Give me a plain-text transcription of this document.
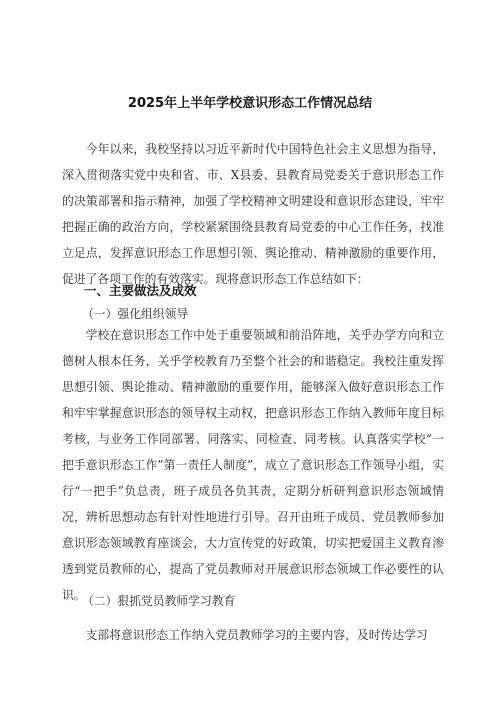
2025年上半年学校意识形态工作情况总结
今年以来，我校坚持以习近平新时代中国特色社会主义思想为指导，深入贯彻落实党中央和省、市、X县委、县教育局党委关于意识形态工作的决策部署和指示精神，加强了学校精神文明建设和意识形态建设，牢牢把握正确的政治方向，学校紧紧围绕县教育局党委的中心工作任务，找准立足点，发挥意识形态工作思想引领、舆论推动、精神激励的重要作用，促进了各项工作的有效落实。现将意识形态工作总结如下：
一、主要做法及成效
（一）强化组织领导
学校在意识形态工作中处于重要领域和前沿阵地，关乎办学方向和立德树人根本任务，关乎学校教育乃至整个社会的和谐稳定。我校注重发挥思想引领、舆论推动、精神激励的重要作用，能够深入做好意识形态工作和牢牢掌握意识形态的领导权主动权，把意识形态工作纳入教师年度目标考核，与业务工作同部署、同落实、同检查、同考核。认真落实学校“一把手意识形态工作”第一责任人制度”，成立了意识形态工作领导小组，实行“一把手”负总责，班子成员各负其责，定期分析研判意识形态领域情况，辨析思想动态有针对性地进行引导。召开由班子成员、党员教师参加意识形态领域教育座谈会，大力宣传党的好政策，切实把爱国主义教育渗透到党员教师的心，提高了党员教师对开展意识形态领域工作必要性的认识。
（二）狠抓党员教师学习教育
支部将意识形态工作纳入党员教师学习的主要内容，及时传达学习
